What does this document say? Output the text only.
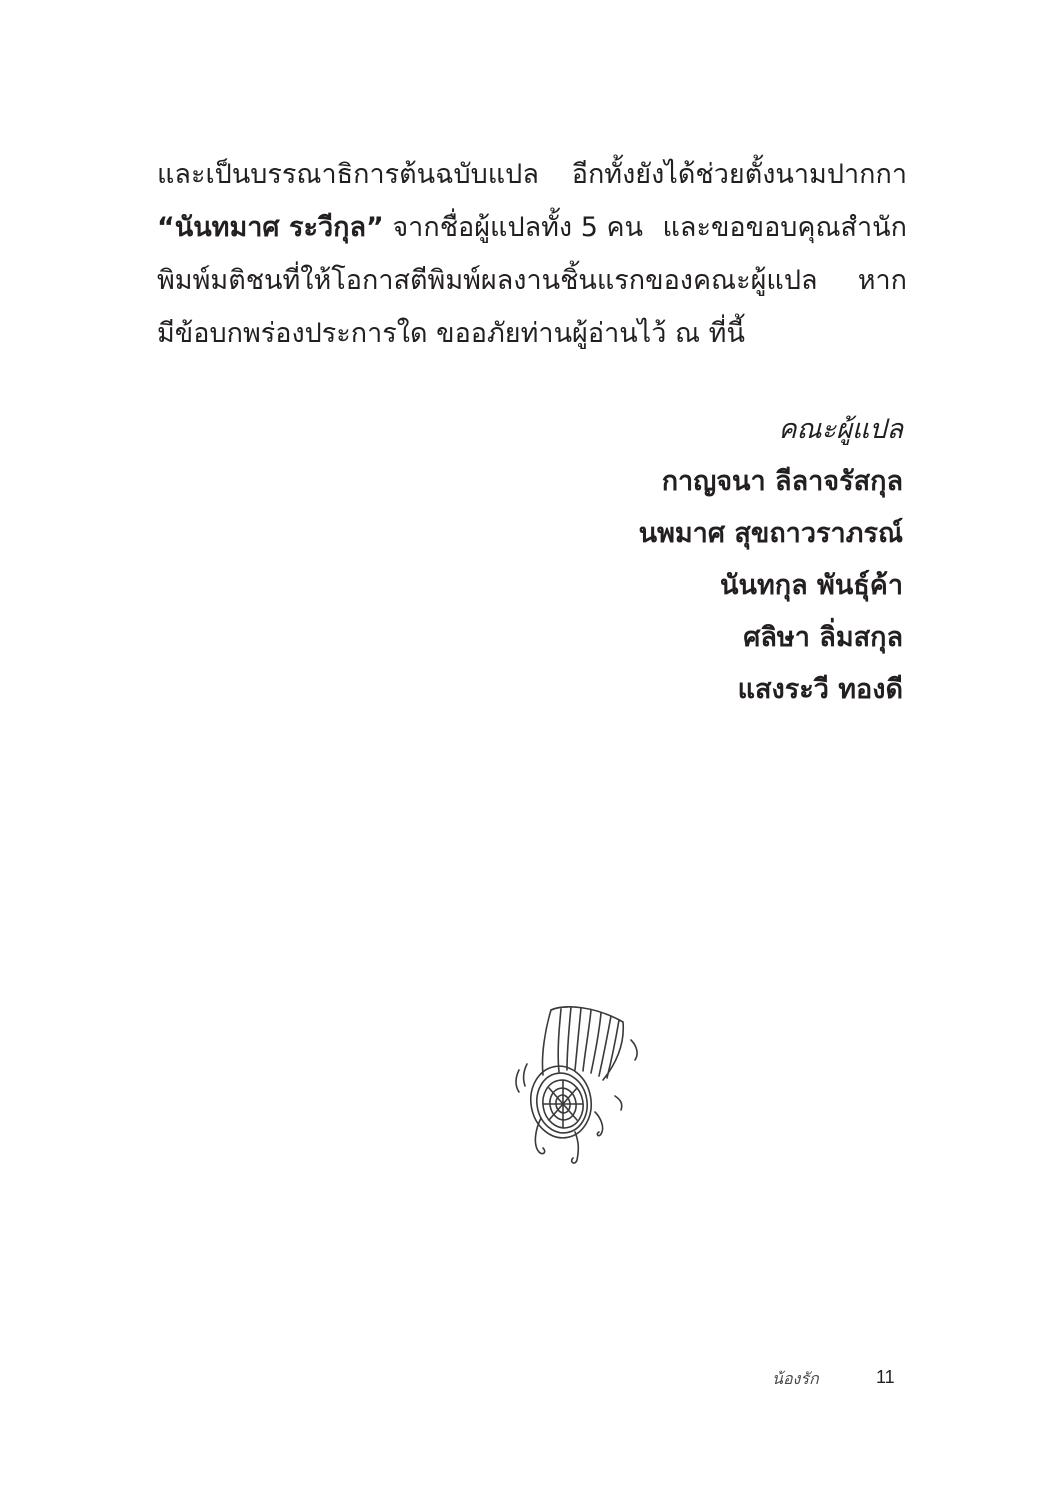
และเป็นบรรณาธิการต้นฉบับแปล อีกทั้งยังได้ช่วยตั้งนามปากกา
“นันทมาศ ระวีกุล” จากชื่อผู้แปลทั้ง 5 คน และขอขอบคุณสำนัก
พิมพ์มติชนที่ให้โอกาสตีพิมพ์ผลงานชิ้นแรกของคณะผู้แปล หาก
มีข้อบกพร่องประการใด ขออภัยท่านผู้อ่านไว้ ณ ที่นี้
คณะผู้แปล
กาญจนา ลีลาจรัสกุล
นพมาศ สุขถาวราภรณ์
นันทกุล พันธุ์ค้า
ศลิษา ลิ่มสกุล
แสงระวี ทองดี
น้องรัก	11
